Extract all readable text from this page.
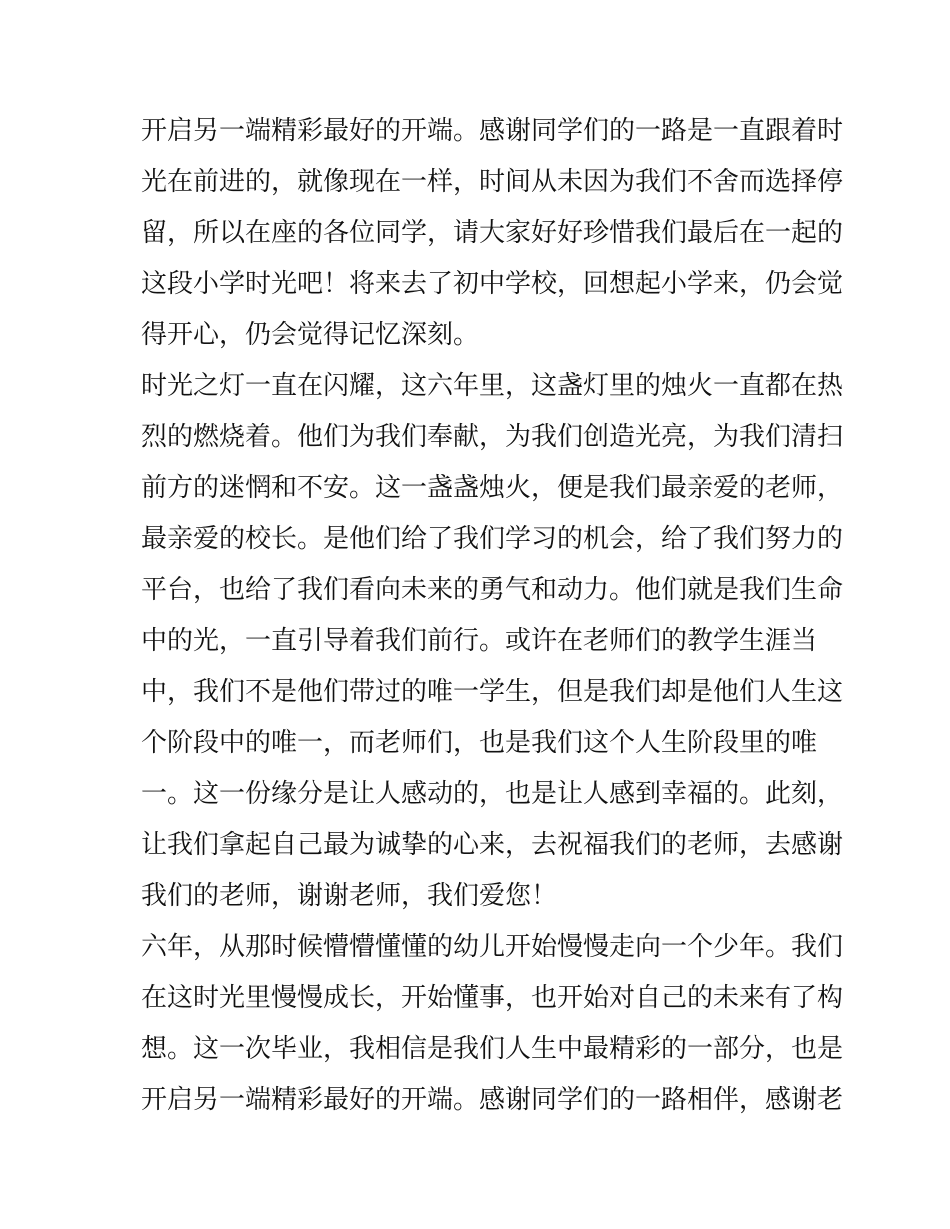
开启另一端精彩最好的开端。感谢同学们的一路是一直跟着时
光在前进的，就像现在一样，时间从未因为我们不舍而选择停
留，所以在座的各位同学，请大家好好珍惜我们最后在一起的
这段小学时光吧！将来去了初中学校，回想起小学来，仍会觉
得开心，仍会觉得记忆深刻。
时光之灯一直在闪耀，这六年里，这盏灯里的烛火一直都在热
烈的燃烧着。他们为我们奉献，为我们创造光亮，为我们清扫
前方的迷惘和不安。这一盏盏烛火，便是我们最亲爱的老师，
最亲爱的校长。是他们给了我们学习的机会，给了我们努力的
平台，也给了我们看向未来的勇气和动力。他们就是我们生命
中的光，一直引导着我们前行。或许在老师们的教学生涯当
中，我们不是他们带过的唯一学生，但是我们却是他们人生这
个阶段中的唯一，而老师们，也是我们这个人生阶段里的唯
一。这一份缘分是让人感动的，也是让人感到幸福的。此刻，
让我们拿起自己最为诚挚的心来，去祝福我们的老师，去感谢
我们的老师，谢谢老师，我们爱您！
六年，从那时候懵懵懂懂的幼儿开始慢慢走向一个少年。我们
在这时光里慢慢成长，开始懂事，也开始对自己的未来有了构
想。这一次毕业，我相信是我们人生中最精彩的一部分，也是
开启另一端精彩最好的开端。感谢同学们的一路相伴，感谢老
